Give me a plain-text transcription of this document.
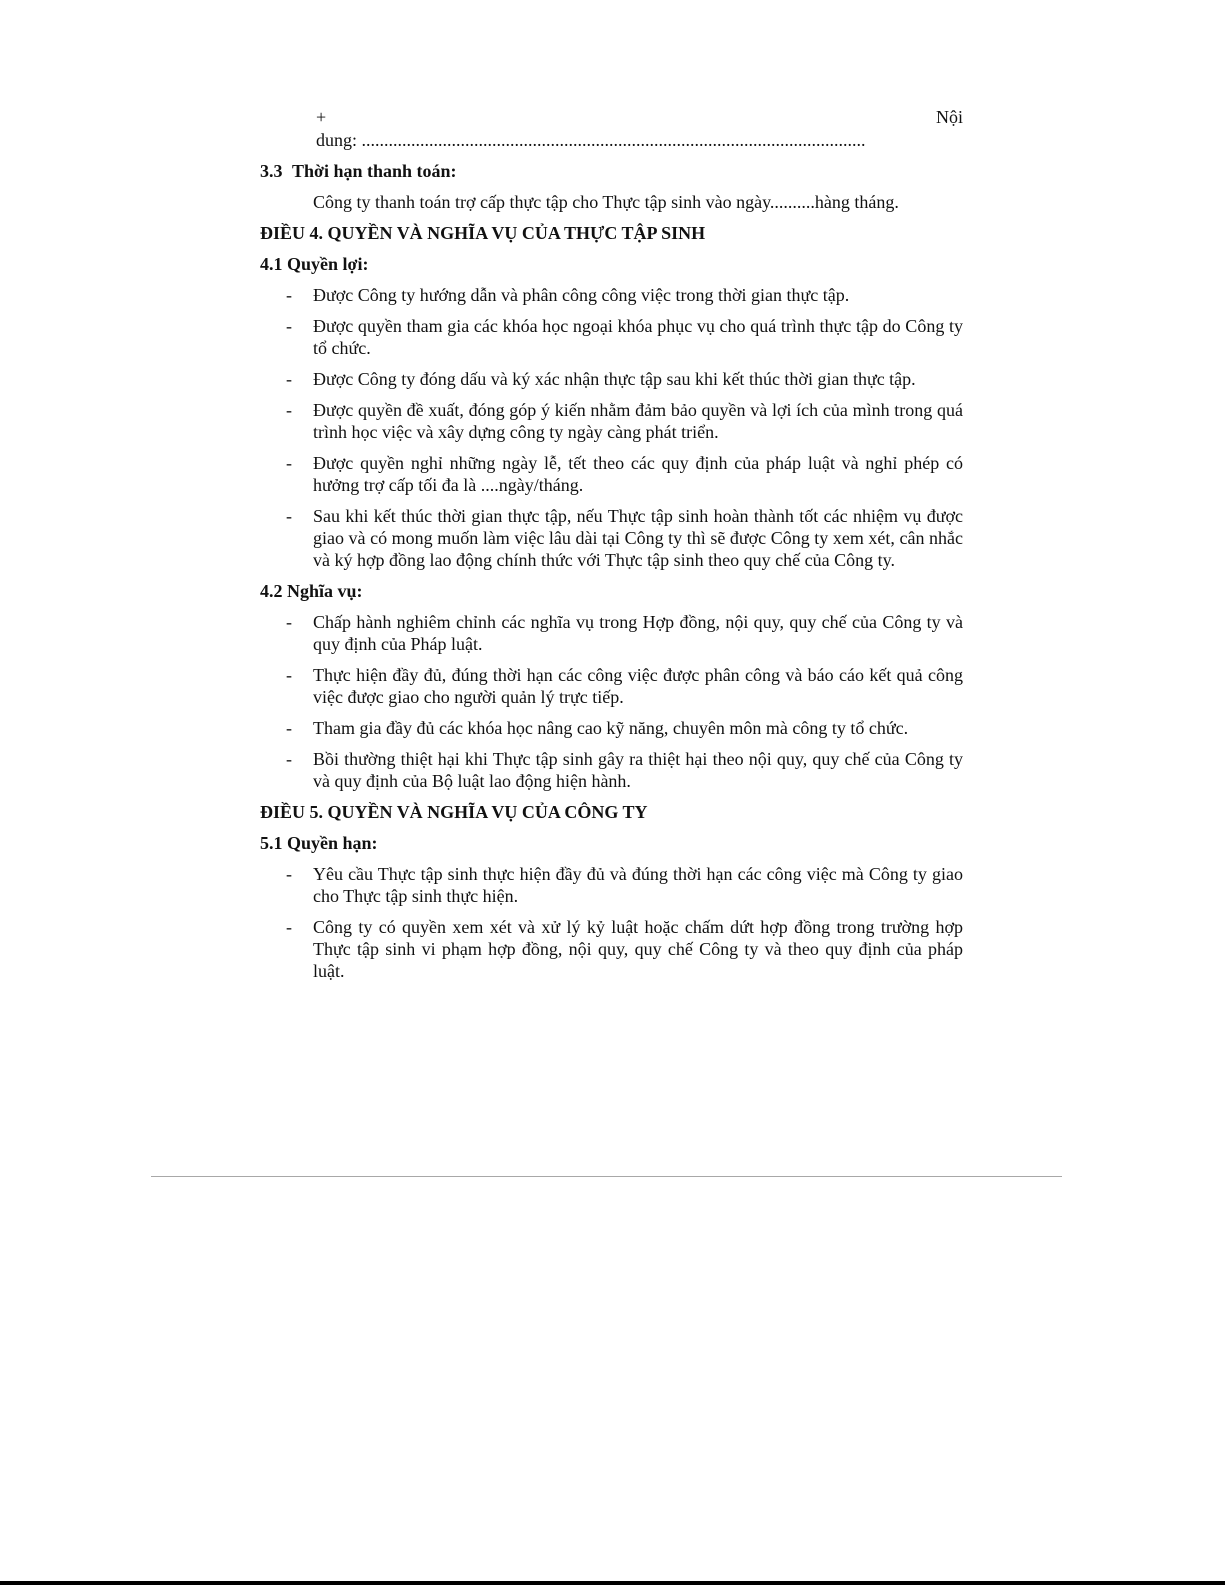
+	Nội
dung: ................................................................................................................
3.3 Thời hạn thanh toán:
Công ty thanh toán trợ cấp thực tập cho Thực tập sinh vào ngày..........hàng tháng.
ĐIỀU 4. QUYỀN VÀ NGHĨA VỤ CỦA THỰC TẬP SINH
4.1 Quyền lợi:
- Được Công ty hướng dẫn và phân công công việc trong thời gian thực tập.
- Được quyền tham gia các khóa học ngoại khóa phục vụ cho quá trình thực tập do Công ty tổ chức.
- Được Công ty đóng dấu và ký xác nhận thực tập sau khi kết thúc thời gian thực tập.
- Được quyền đề xuất, đóng góp ý kiến nhằm đảm bảo quyền và lợi ích của mình trong quá trình học việc và xây dựng công ty ngày càng phát triển.
- Được quyền nghỉ những ngày lễ, tết theo các quy định của pháp luật và nghỉ phép có hưởng trợ cấp tối đa là ....ngày/tháng.
- Sau khi kết thúc thời gian thực tập, nếu Thực tập sinh hoàn thành tốt các nhiệm vụ được giao và có mong muốn làm việc lâu dài tại Công ty thì sẽ được Công ty xem xét, cân nhắc và ký hợp đồng lao động chính thức với Thực tập sinh theo quy chế của Công ty.
4.2 Nghĩa vụ:
- Chấp hành nghiêm chỉnh các nghĩa vụ trong Hợp đồng, nội quy, quy chế của Công ty và quy định của Pháp luật.
- Thực hiện đầy đủ, đúng thời hạn các công việc được phân công và báo cáo kết quả công việc được giao cho người quản lý trực tiếp.
- Tham gia đầy đủ các khóa học nâng cao kỹ năng, chuyên môn mà công ty tổ chức.
- Bồi thường thiệt hại khi Thực tập sinh gây ra thiệt hại theo nội quy, quy chế của Công ty và quy định của Bộ luật lao động hiện hành.
ĐIỀU 5. QUYỀN VÀ NGHĨA VỤ CỦA CÔNG TY
5.1 Quyền hạn:
- Yêu cầu Thực tập sinh thực hiện đầy đủ và đúng thời hạn các công việc mà Công ty giao cho Thực tập sinh thực hiện.
- Công ty có quyền xem xét và xử lý kỷ luật hoặc chấm dứt hợp đồng trong trường hợp Thực tập sinh vi phạm hợp đồng, nội quy, quy chế Công ty và theo quy định của pháp luật.
